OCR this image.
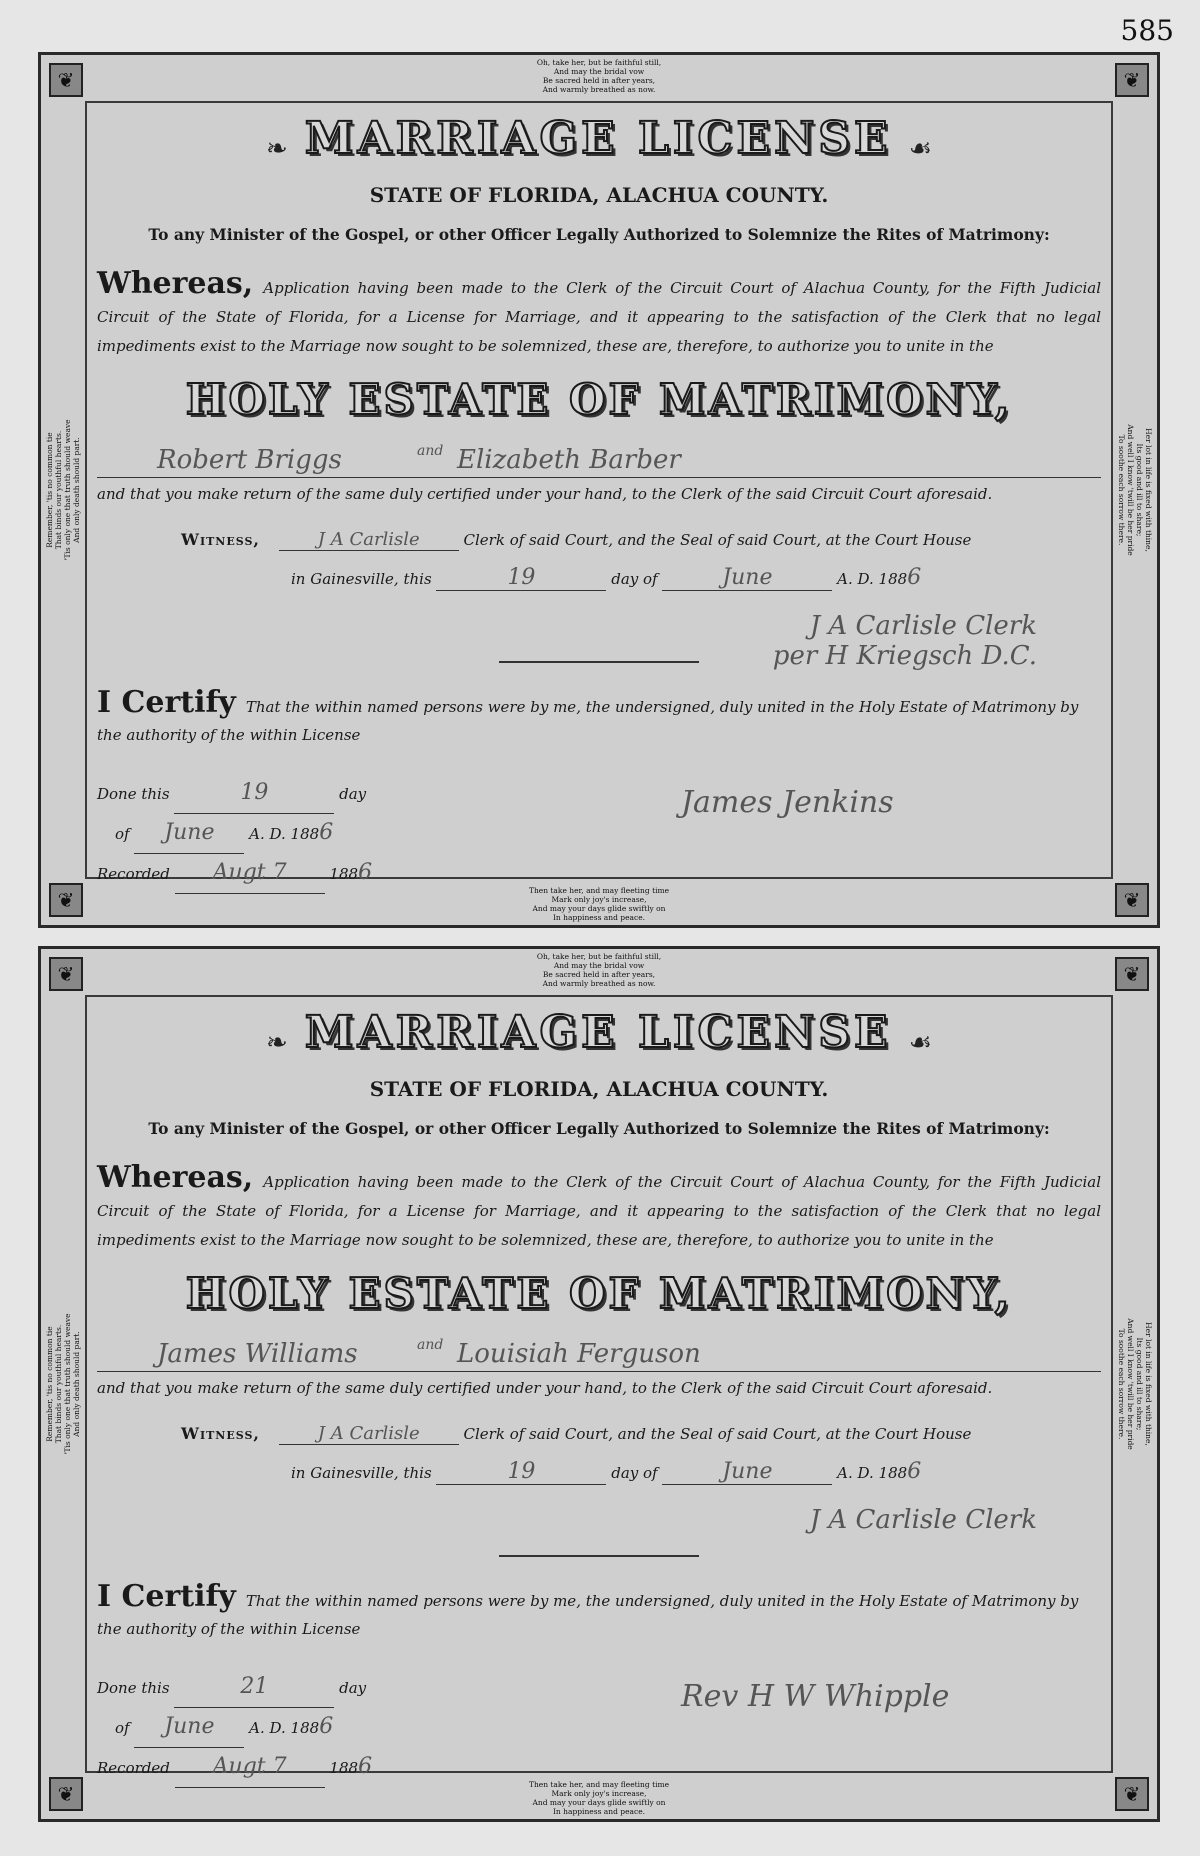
585
❦	❦
❦	❦
Oh, take her, but be faithful still,
And may the bridal vow
Be sacred held in after years,
And warmly breathed as now.
Remember, 'tis no common tie That binds our youthful hearts. 'Tis only one that truth should weave And only death should part.	Her lot in life is fixed with thine,
Its good and ill to share;
And well I know 'twill be her pride
To soothe each sorrow there.
Then take her, and may fleeting time
Mark only joy's increase,
And may your days glide swiftly on
In happiness and peace.
❧ MARRIAGE LICENSE ☙
STATE OF FLORIDA, ALACHUA COUNTY.
To any Minister of the Gospel, or other Officer Legally Authorized to Solemnize the Rites of Matrimony:
Whereas, Application having been made to the Clerk of the Circuit Court of Alachua County, for the Fifth Judicial Circuit of the State of Florida, for a License for Marriage, and it appearing to the satisfaction of the Clerk that no legal impediments exist to the Marriage now sought to be solemnized, these are, therefore, to authorize you to unite in the
HOLY ESTATE OF MATRIMONY,
Robert Briggs	and Elizabeth Barber
and that you make return of the same duly certified under your hand, to the Clerk of the said Circuit Court aforesaid.
Witness,	J A Carlisle	Clerk of said Court, and the Seal of said Court, at the Court House
in Gainesville, this	19	day of	June	A. D. 1886
J A Carlisle Clerk
per H Kriegsch D.C.
I Certify That the within named persons were by me, the undersigned, duly united in the Holy Estate of Matrimony by the authority of the within License
Done this	19	day
of June A. D. 1886
Recorded Augt 7	1886
James Jenkins
❦	❦
❦	❦
Oh, take her, but be faithful still,
And may the bridal vow
Be sacred held in after years,
And warmly breathed as now.
Remember, 'tis no common tie That binds our youthful hearts. 'Tis only one that truth should weave And only death should part.	Her lot in life is fixed with thine,
Its good and ill to share;
And well I know 'twill be her pride
To soothe each sorrow there.
Then take her, and may fleeting time
Mark only joy's increase,
And may your days glide swiftly on
In happiness and peace.
❧ MARRIAGE LICENSE ☙
STATE OF FLORIDA, ALACHUA COUNTY.
To any Minister of the Gospel, or other Officer Legally Authorized to Solemnize the Rites of Matrimony:
Whereas, Application having been made to the Clerk of the Circuit Court of Alachua County, for the Fifth Judicial Circuit of the State of Florida, for a License for Marriage, and it appearing to the satisfaction of the Clerk that no legal impediments exist to the Marriage now sought to be solemnized, these are, therefore, to authorize you to unite in the
HOLY ESTATE OF MATRIMONY,
James Williams	and Louisiah Ferguson
and that you make return of the same duly certified under your hand, to the Clerk of the said Circuit Court aforesaid.
Witness,	J A Carlisle	Clerk of said Court, and the Seal of said Court, at the Court House
in Gainesville, this	19	day of	June	A. D. 1886
J A Carlisle Clerk
I Certify That the within named persons were by me, the undersigned, duly united in the Holy Estate of Matrimony by the authority of the within License
Done this	21	day
of June A. D. 1886
Recorded Augt 7	1886
Rev H W Whipple
